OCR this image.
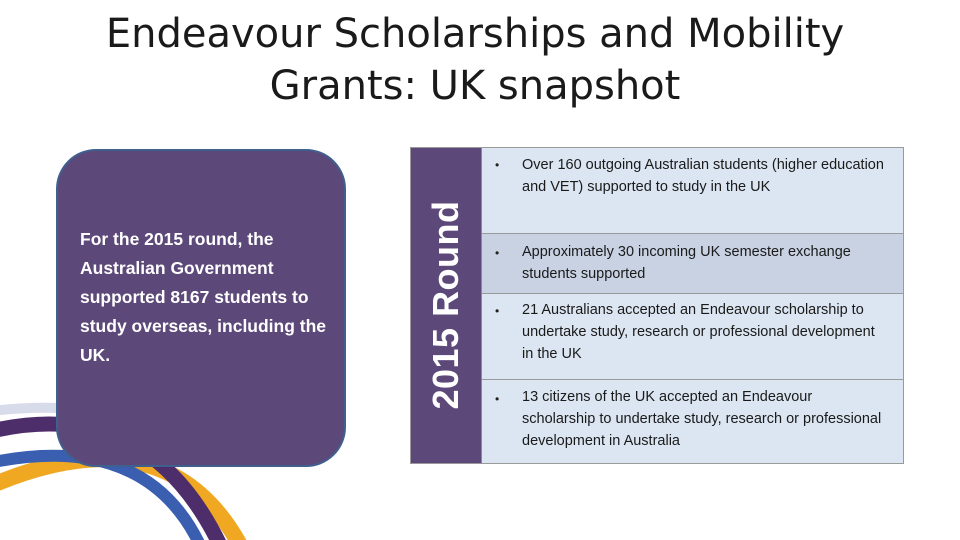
Endeavour Scholarships and Mobility
Grants: UK snapshot
For the 2015 round, the Australian Government supported 8167 students to study overseas, including the UK.	2015 Round
• Over 160 outgoing Australian students (higher education and VET) supported to study in the UK
• Approximately 30 incoming UK semester exchange students supported
• 21 Australians accepted an Endeavour scholarship to undertake study, research or professional development in the UK
• 13 citizens of the UK accepted an Endeavour scholarship to undertake study, research or professional development in Australia
